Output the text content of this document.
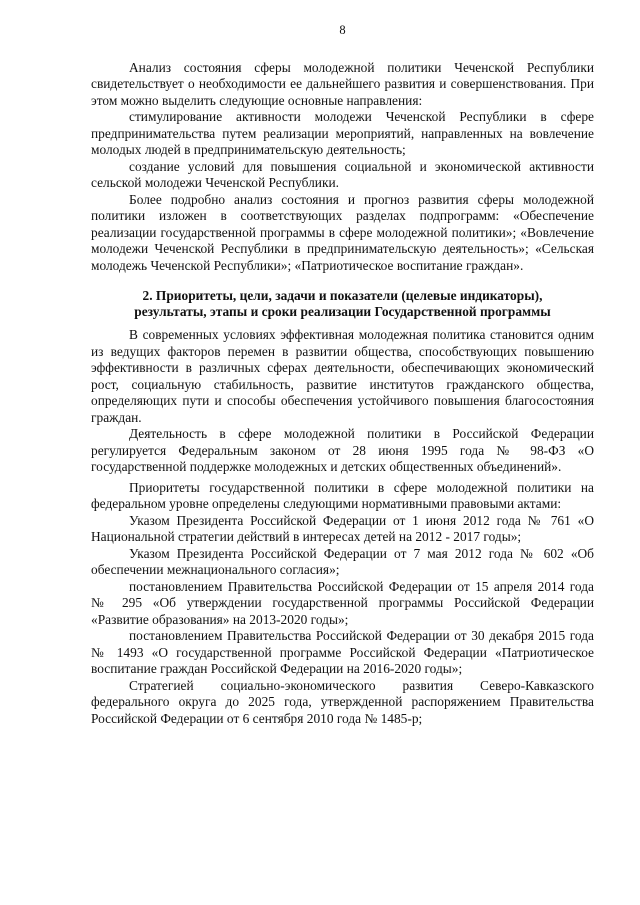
8

Анализ состояния сферы молодежной политики Чеченской Республики свидетельствует о необходимости ее дальнейшего развития и совершенствования. При этом можно выделить следующие основные направления:

стимулирование активности молодежи Чеченской Республики в сфере предпринимательства путем реализации мероприятий, направленных на вовлечение молодых людей в предпринимательскую деятельность;

создание условий для повышения социальной и экономической активности сельской молодежи Чеченской Республики.

Более подробно анализ состояния и прогноз развития сферы молодежной политики изложен в соответствующих разделах подпрограмм: «Обеспечение реализации государственной программы в сфере молодежной политики»; «Вовлечение молодежи Чеченской Республики в предпринимательскую деятельность»; «Сельская молодежь Чеченской Республики»; «Патриотическое воспитание граждан».

2. Приоритеты, цели, задачи и показатели (целевые индикаторы),
результаты, этапы и сроки реализации Государственной программы

В современных условиях эффективная молодежная политика становится одним из ведущих факторов перемен в развитии общества, способствующих повышению эффективности в различных сферах деятельности, обеспечивающих экономический рост, социальную стабильность, развитие институтов гражданского общества, определяющих пути и способы обеспечения устойчивого повышения благосостояния граждан.

Деятельность в сфере молодежной политики в Российской Федерации регулируется Федеральным законом от 28 июня 1995 года № 98-ФЗ «О государственной поддержке молодежных и детских общественных объединений».

Приоритеты государственной политики в сфере молодежной политики на федеральном уровне определены следующими нормативными правовыми актами:

Указом Президента Российской Федерации от 1 июня 2012 года № 761 «О Национальной стратегии действий в интересах детей на 2012 - 2017 годы»;

Указом Президента Российской Федерации от 7 мая 2012 года № 602 «Об обеспечении межнационального согласия»;

постановлением Правительства Российской Федерации от 15 апреля 2014 года № 295 «Об утверждении государственной программы Российской Федерации «Развитие образования» на 2013-2020 годы»;

постановлением Правительства Российской Федерации от 30 декабря 2015 года № 1493 «О государственной программе Российской Федерации «Патриотическое воспитание граждан Российской Федерации на 2016-2020 годы»;

Стратегией социально-экономического развития Северо-Кавказского федерального округа до 2025 года, утвержденной распоряжением Правительства Российской Федерации от 6 сентября 2010 года № 1485-р;
